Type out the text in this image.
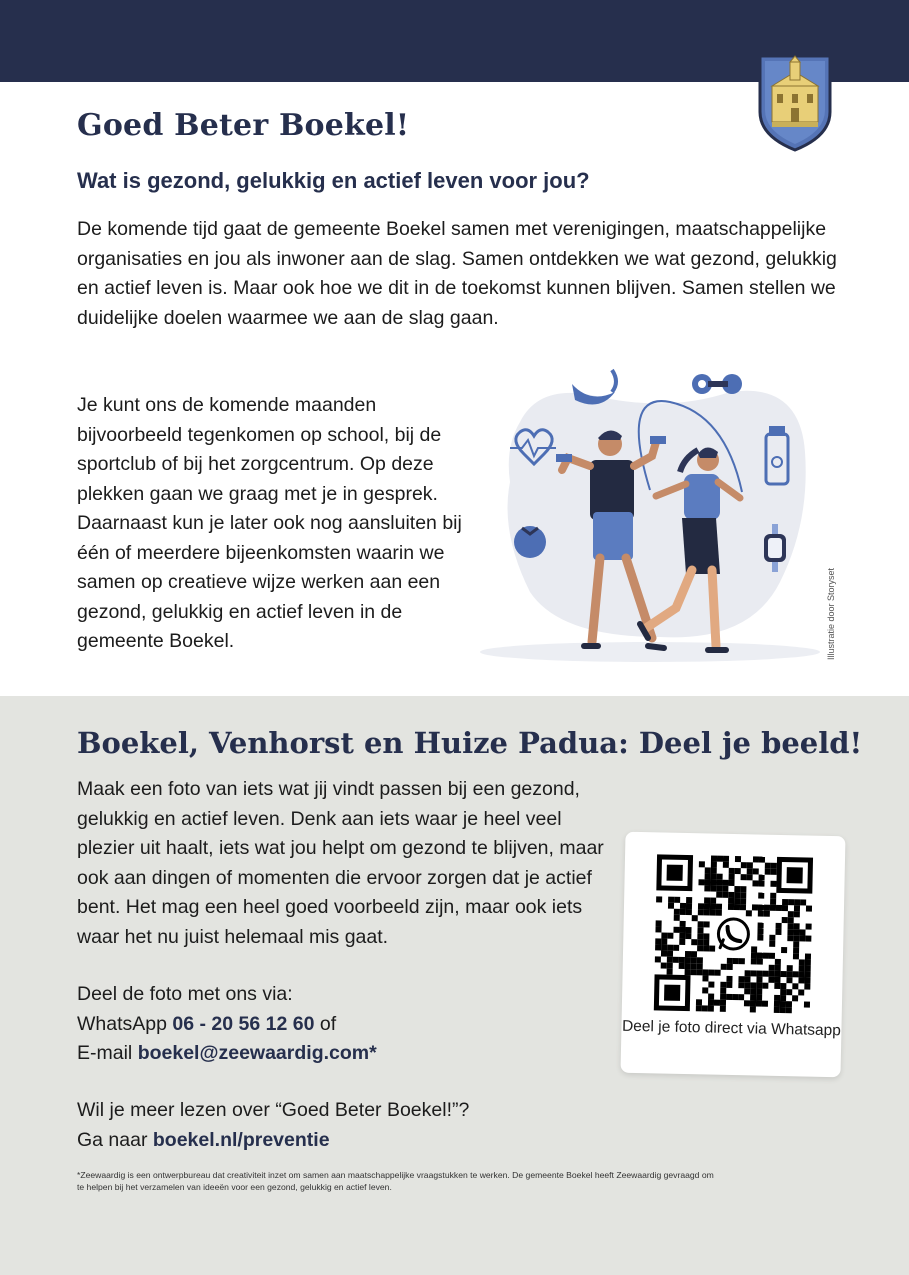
Goed Beter Boekel!
Wat is gezond, gelukkig en actief leven voor jou?

De komende tijd gaat de gemeente Boekel samen met verenigingen, maatschappelijke organisaties en jou als inwoner aan de slag. Samen ontdekken we wat gezond, gelukkig en actief leven is. Maar ook hoe we dit in de toekomst kunnen blijven. Samen stellen we duidelijke doelen waarmee we aan de slag gaan.

Je kunt ons de komende maanden bijvoorbeeld tegenkomen op school, bij de sportclub of bij het zorgcentrum. Op deze plekken gaan we graag met je in gesprek. Daarnaast kun je later ook nog aansluiten bij één of meerdere bijeenkomsten waarin we samen op creatieve wijze werken aan een gezond, gelukkig en actief leven in de gemeente Boekel.	Illustratie door Storyset
Boekel, Venhorst en Huize Padua: Deel je beeld!

Maak een foto van iets wat jij vindt passen bij een gezond, gelukkig en actief leven. Denk aan iets waar je heel veel plezier uit haalt, iets wat jou helpt om gezond te blijven, maar ook aan dingen of momenten die ervoor zorgen dat je actief bent. Het mag een heel goed voorbeeld zijn, maar ook iets waar het nu juist helemaal mis gaat.

Deel de foto met ons via:
WhatsApp 06 - 20 56 12 60 of
E-mail boekel@zeewaardig.com*
Wil je meer lezen over “Goed Beter Boekel!”?
Ga naar boekel.nl/preventie
Deel je foto direct via Whatsapp

*Zeewaardig is een ontwerpbureau dat creativiteit inzet om samen aan maatschappelijke vraagstukken te werken. De gemeente Boekel heeft Zeewaardig gevraagd om te helpen bij het verzamelen van ideeën voor een gezond, gelukkig en actief leven.
